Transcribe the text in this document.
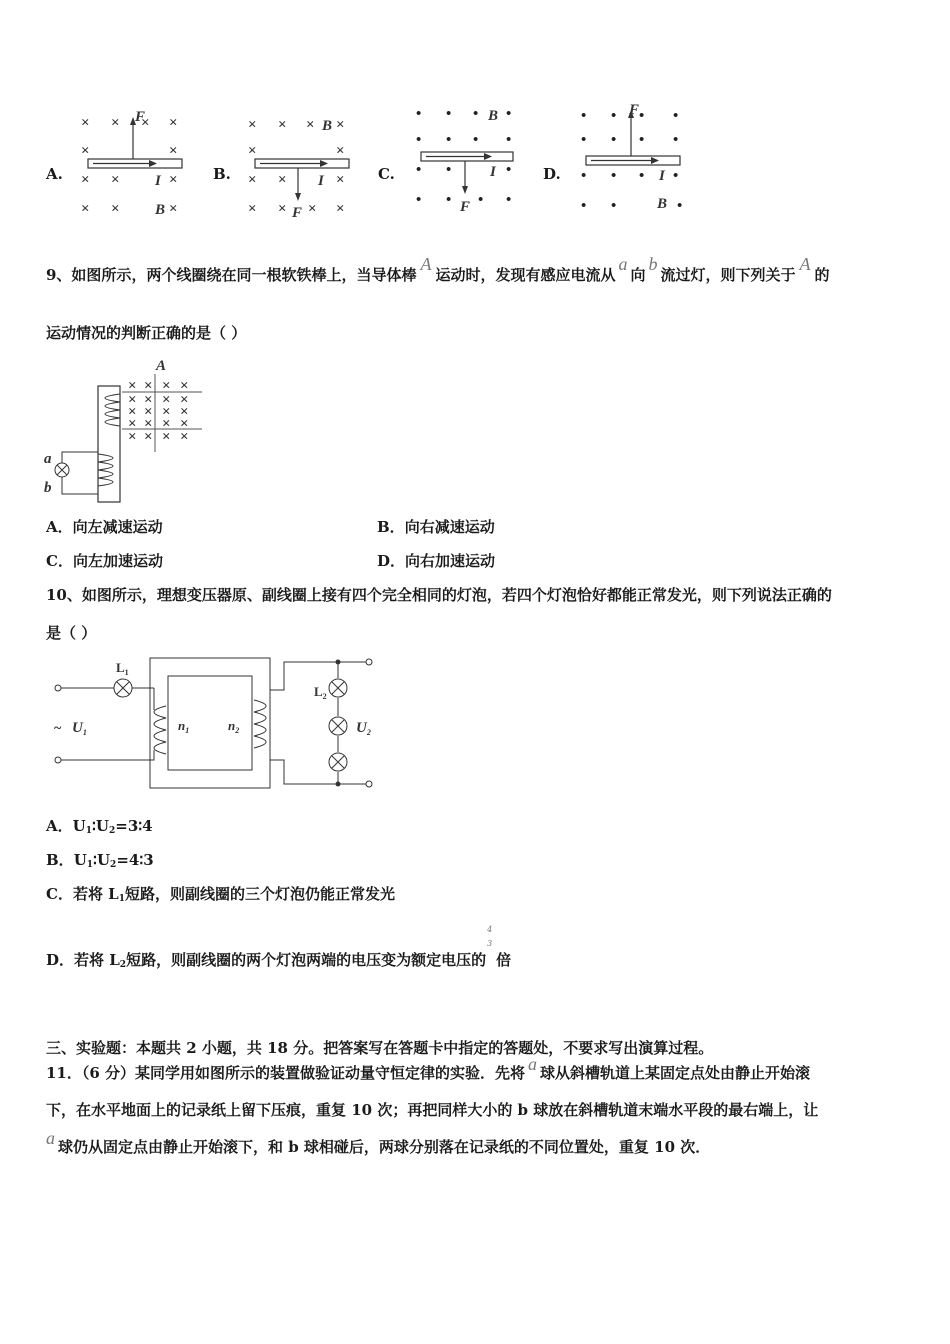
A.
× × × ×
×	×
× ×	×
× ×	×
F
I
B
B.
× × × ×
×	×
× ×	×
× × × ×
F
I
B
C.
• • • •
• • • •
• •	•
• • • •
F
I
B
D.
• • • •
• • • •
• • • •
• •	•
F
I
B
9、如图所示，两个线圈绕在同一根软铁棒上，当导体棒A运动时，发现有感应电流从a向b流过灯，则下列关于A的
运动情况的判断正确的是（ ）
A
× × × ×
× × × ×
× × × ×
× × × ×
× × × ×
a
b
A．向左减速运动	B．向右减速运动
C．向左加速运动	D．向右加速运动
10、如图所示，理想变压器原、副线圈上接有四个完全相同的灯泡，若四个灯泡恰好都能正常发光，则下列说法正确的
是（ ）
$L_1$
$L_2$
$n_1$	$n_2$
~ $U_1$	$U_2$
A．$U_1∶U_2=3∶4$
B．$U_1∶U_2=4∶3$
C．若将 $L_1$短路，则副线圈的三个灯泡仍能正常发光
D．若将 $L_2$短路，则副线圈的两个灯泡两端的电压变为额定电压的
4
3
倍
三、实验题：本题共 2 小题，共 18 分。把答案写在答题卡中指定的答题处，不要求写出演算过程。
11．（6 分）某同学用如图所示的装置做验证动量守恒定律的实验．先将 a 球从斜槽轨道上某固定点处由静止开始滚
下，在水平地面上的记录纸上留下压痕，重复 10 次；再把同样大小的 b 球放在斜槽轨道末端水平段的最右端上，让
a 球仍从固定点由静止开始滚下，和 b 球相碰后，两球分别落在记录纸的不同位置处，重复 10 次．
